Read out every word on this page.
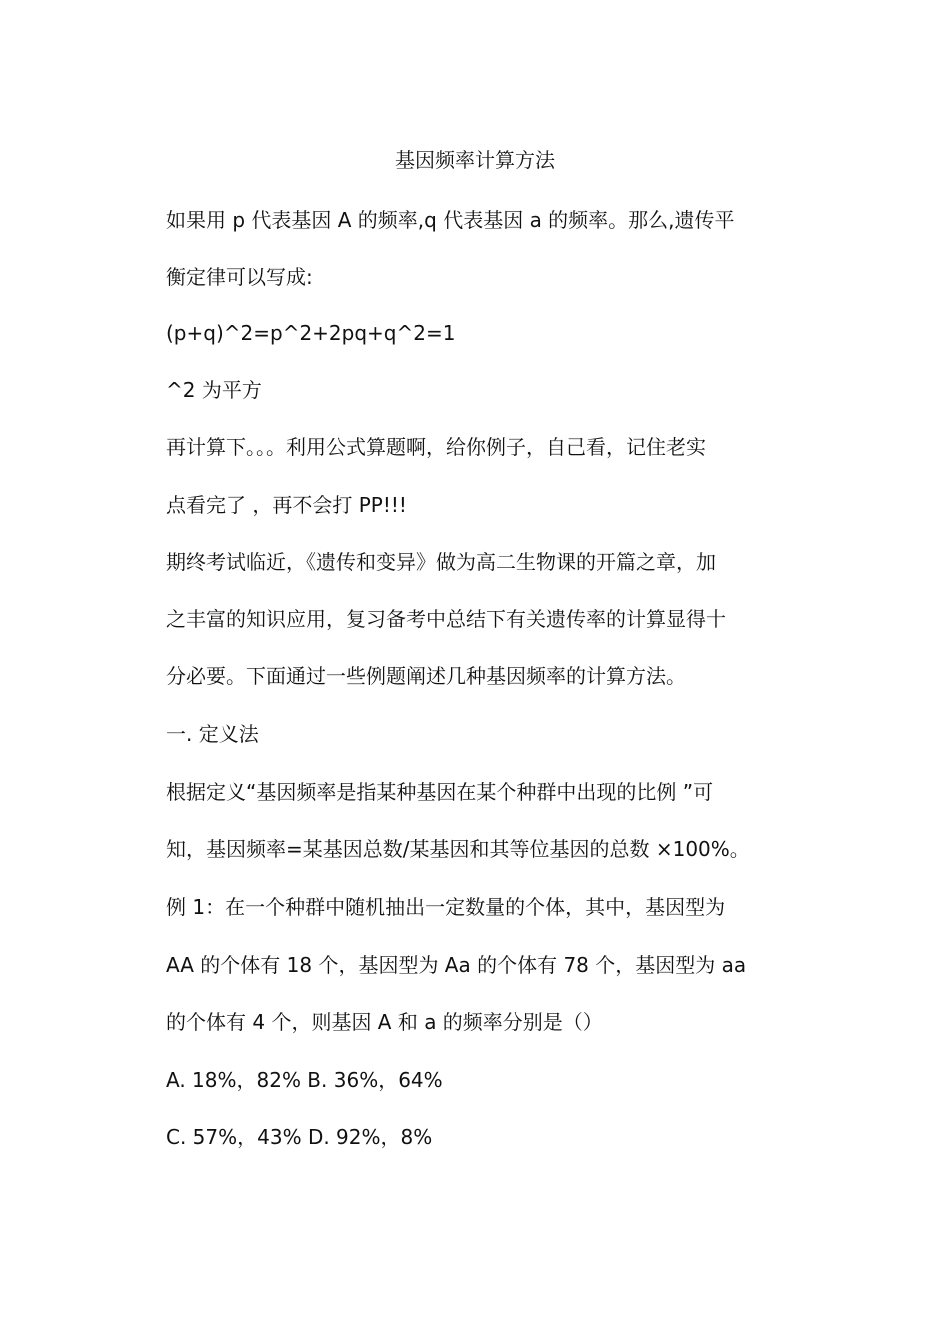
基因频率计算方法
如果用 p 代表基因 A 的频率,q 代表基因 a 的频率。那么,遗传平
衡定律可以写成:
(p+q)^2=p^2+2pq+q^2=1
^2 为平方
再计算下。。。利用公式算题啊，给你例子，自己看，记住老实
点看完了 ，再不会打 PP!!!
期终考试临近，《遗传和变异》做为高二生物课的开篇之章，加
之丰富的知识应用，复习备考中总结下有关遗传率的计算显得十
分必要。下面通过一些例题阐述几种基因频率的计算方法。
一. 定义法
根据定义“基因频率是指某种基因在某个种群中出现的比例 ”可
知，基因频率=某基因总数/某基因和其等位基因的总数 ×100%。
例 1：在一个种群中随机抽出一定数量的个体，其中，基因型为
AA 的个体有 18 个，基因型为 Aa 的个体有 78 个，基因型为 aa
的个体有 4 个，则基因 A 和 a 的频率分别是（）
A. 18%，82% B. 36%，64%
C. 57%，43% D. 92%，8%
